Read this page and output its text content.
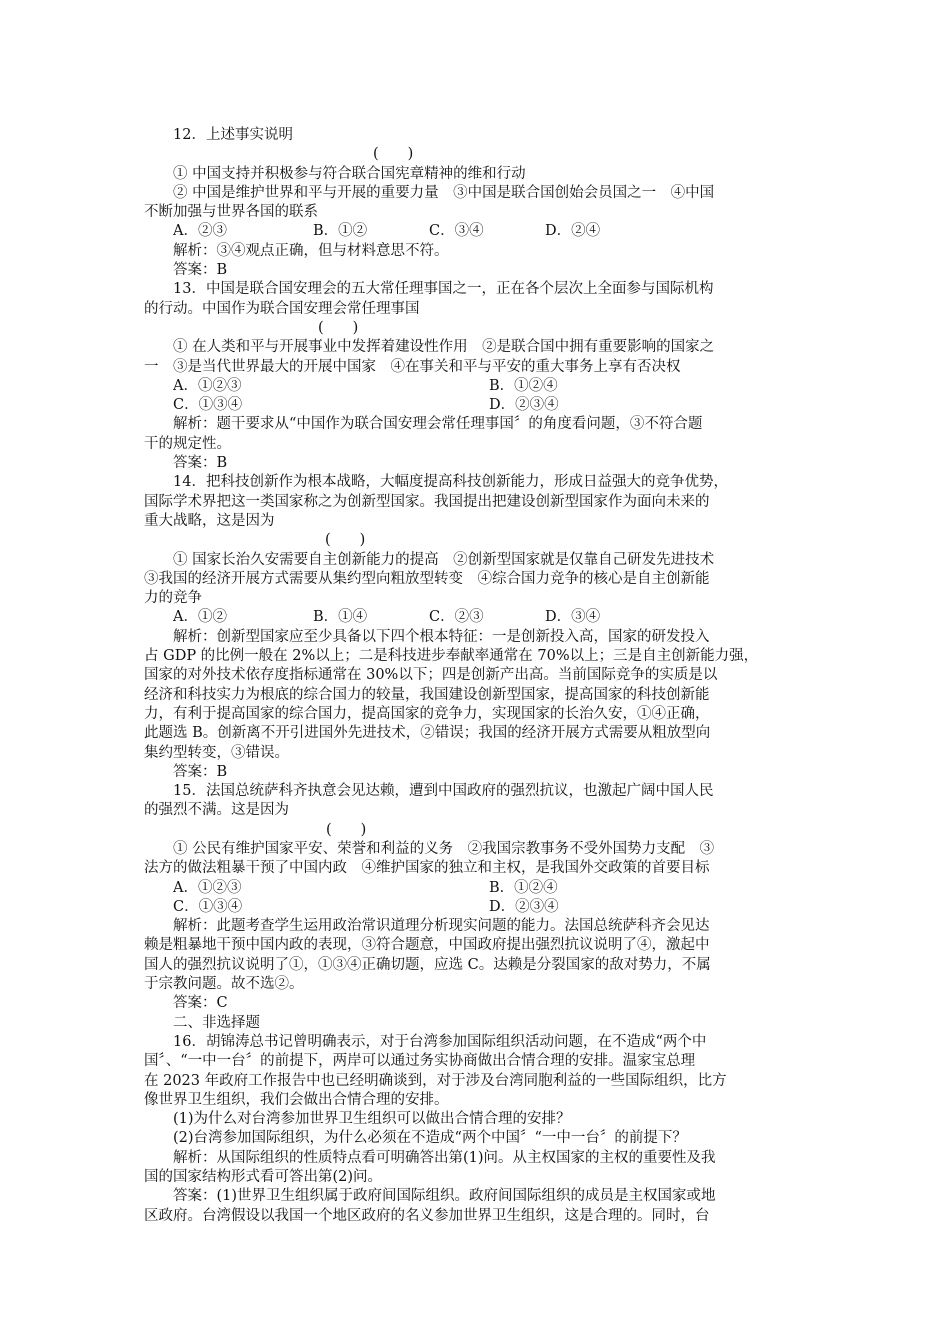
12．上述事实说明
(　　)
① 中国支持并积极参与符合联合国宪章精神的维和行动
② 中国是维护世界和平与开展的重要力量　③中国是联合国创始会员国之一　④中国
不断加强与世界各国的联系
A．②③	B．①②	C．③④	D．②④
解析：③④观点正确，但与材料意思不符。
答案：B
13．中国是联合国安理会的五大常任理事国之一，正在各个层次上全面参与国际机构
的行动。中国作为联合国安理会常任理事国
(　　)
① 在人类和平与开展事业中发挥着建设性作用　②是联合国中拥有重要影响的国家之
一　③是当代世界最大的开展中国家　④在事关和平与平安的重大事务上享有否决权
A．①②③	B．①②④
C．①③④	D．②③④
解析：题干要求从“中国作为联合国安理会常任理事国〞的角度看问题，③不符合题
干的规定性。
答案：B
14．把科技创新作为根本战略，大幅度提高科技创新能力，形成日益强大的竞争优势，
国际学术界把这一类国家称之为创新型国家。我国提出把建设创新型国家作为面向未来的
重大战略，这是因为
(　　)
① 国家长治久安需要自主创新能力的提高　②创新型国家就是仅靠自己研发先进技术
③我国的经济开展方式需要从集约型向粗放型转变　④综合国力竞争的核心是自主创新能
力的竞争
A．①②	B．①④	C．②③	D．③④
解析：创新型国家应至少具备以下四个根本特征：一是创新投入高，国家的研发投入
占 GDP 的比例一般在 2%以上；二是科技进步奉献率通常在 70%以上；三是自主创新能力强，
国家的对外技术依存度指标通常在 30%以下；四是创新产出高。当前国际竞争的实质是以
经济和科技实力为根底的综合国力的较量，我国建设创新型国家，提高国家的科技创新能
力，有利于提高国家的综合国力，提高国家的竞争力，实现国家的长治久安，①④正确，
此题选 B。创新离不开引进国外先进技术，②错误；我国的经济开展方式需要从粗放型向
集约型转变，③错误。
答案：B
15．法国总统萨科齐执意会见达赖，遭到中国政府的强烈抗议，也激起广阔中国人民
的强烈不满。这是因为
(　　)
① 公民有维护国家平安、荣誉和利益的义务　②我国宗教事务不受外国势力支配　③
法方的做法粗暴干预了中国内政　④维护国家的独立和主权，是我国外交政策的首要目标
A．①②③	B．①②④
C．①③④	D．②③④
解析：此题考查学生运用政治常识道理分析现实问题的能力。法国总统萨科齐会见达
赖是粗暴地干预中国内政的表现，③符合题意，中国政府提出强烈抗议说明了④，激起中
国人的强烈抗议说明了①，①③④正确切题，应选 C。达赖是分裂国家的敌对势力，不属
于宗教问题。故不选②。
答案：C
二、非选择题
16．胡锦涛总书记曾明确表示，对于台湾参加国际组织活动问题，在不造成“两个中
国〞、“一中一台〞的前提下，两岸可以通过务实协商做出合情合理的安排。温家宝总理
在 2023 年政府工作报告中也已经明确谈到，对于涉及台湾同胞利益的一些国际组织，比方
像世界卫生组织，我们会做出合情合理的安排。
(1)为什么对台湾参加世界卫生组织可以做出合情合理的安排？
(2)台湾参加国际组织，为什么必须在不造成“两个中国〞“一中一台〞的前提下？
解析：从国际组织的性质特点看可明确答出第(1)问。从主权国家的主权的重要性及我
国的国家结构形式看可答出第(2)问。
答案：(1)世界卫生组织属于政府间国际组织。政府间国际组织的成员是主权国家或地
区政府。台湾假设以我国一个地区政府的名义参加世界卫生组织，这是合理的。同时，台
